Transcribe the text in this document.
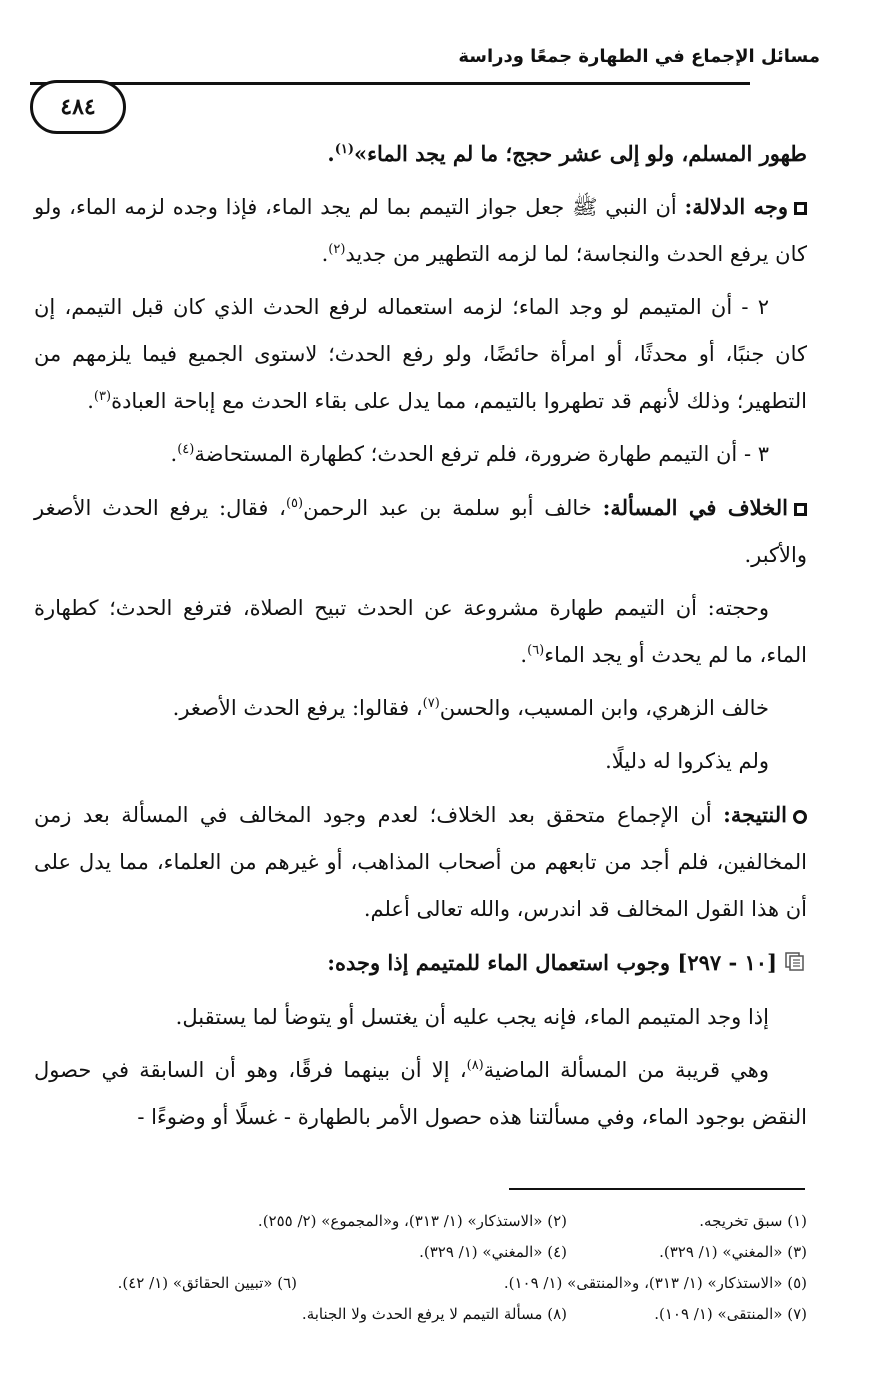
مسائل الإجماع في الطهارة جمعًا ودراسة
٤٨٤

طهور المسلم، ولو إلى عشر حجج؛ ما لم يجد الماء»$^{(١)}$.

وجه الدلالة: أن النبي ﷺ جعل جواز التيمم بما لم يجد الماء، فإذا وجده لزمه الماء، ولو كان يرفع الحدث والنجاسة؛ لما لزمه التطهير من جديد$^{(٢)}$.

٢ - أن المتيمم لو وجد الماء؛ لزمه استعماله لرفع الحدث الذي كان قبل التيمم، إن كان جنبًا، أو محدثًا، أو امرأة حائضًا، ولو رفع الحدث؛ لاستوى الجميع فيما يلزمهم من التطهير؛ وذلك لأنهم قد تطهروا بالتيمم، مما يدل على بقاء الحدث مع إباحة العبادة$^{(٣)}$.

٣ - أن التيمم طهارة ضرورة، فلم ترفع الحدث؛ كطهارة المستحاضة$^{(٤)}$.

الخلاف في المسألة: خالف أبو سلمة بن عبد الرحمن$^{(٥)}$، فقال: يرفع الحدث الأصغر والأكبر.

وحجته: أن التيمم طهارة مشروعة عن الحدث تبيح الصلاة، فترفع الحدث؛ كطهارة الماء، ما لم يحدث أو يجد الماء$^{(٦)}$.

خالف الزهري، وابن المسيب، والحسن$^{(٧)}$، فقالوا: يرفع الحدث الأصغر.

ولم يذكروا له دليلًا.

النتيجة: أن الإجماع متحقق بعد الخلاف؛ لعدم وجود المخالف في المسألة بعد زمن المخالفين، فلم أجد من تابعهم من أصحاب المذاهب، أو غيرهم من العلماء، مما يدل على أن هذا القول المخالف قد اندرس، والله تعالى أعلم.

[١٠ - ٢٩٧] وجوب استعمال الماء للمتيمم إذا وجده:

إذا وجد المتيمم الماء، فإنه يجب عليه أن يغتسل أو يتوضأ لما يستقبل.

وهي قريبة من المسألة الماضية$^{(٨)}$، إلا أن بينهما فرقًا، وهو أن السابقة في حصول النقض بوجود الماء، وفي مسألتنا هذه حصول الأمر بالطهارة - غسلًا أو وضوءًا -

(١) سبق تخريجه.
(٢) «الاستذكار» (١/ ٣١٣)، و«المجموع» (٢/ ٢٥٥).
(٣) «المغني» (١/ ٣٢٩).
(٤) «المغني» (١/ ٣٢٩).
(٥) «الاستذكار» (١/ ٣١٣)، و«المنتقى» (١/ ١٠٩).
(٦) «تبيين الحقائق» (١/ ٤٢).
(٧) «المنتقى» (١/ ١٠٩).
(٨) مسألة التيمم لا يرفع الحدث ولا الجنابة.
